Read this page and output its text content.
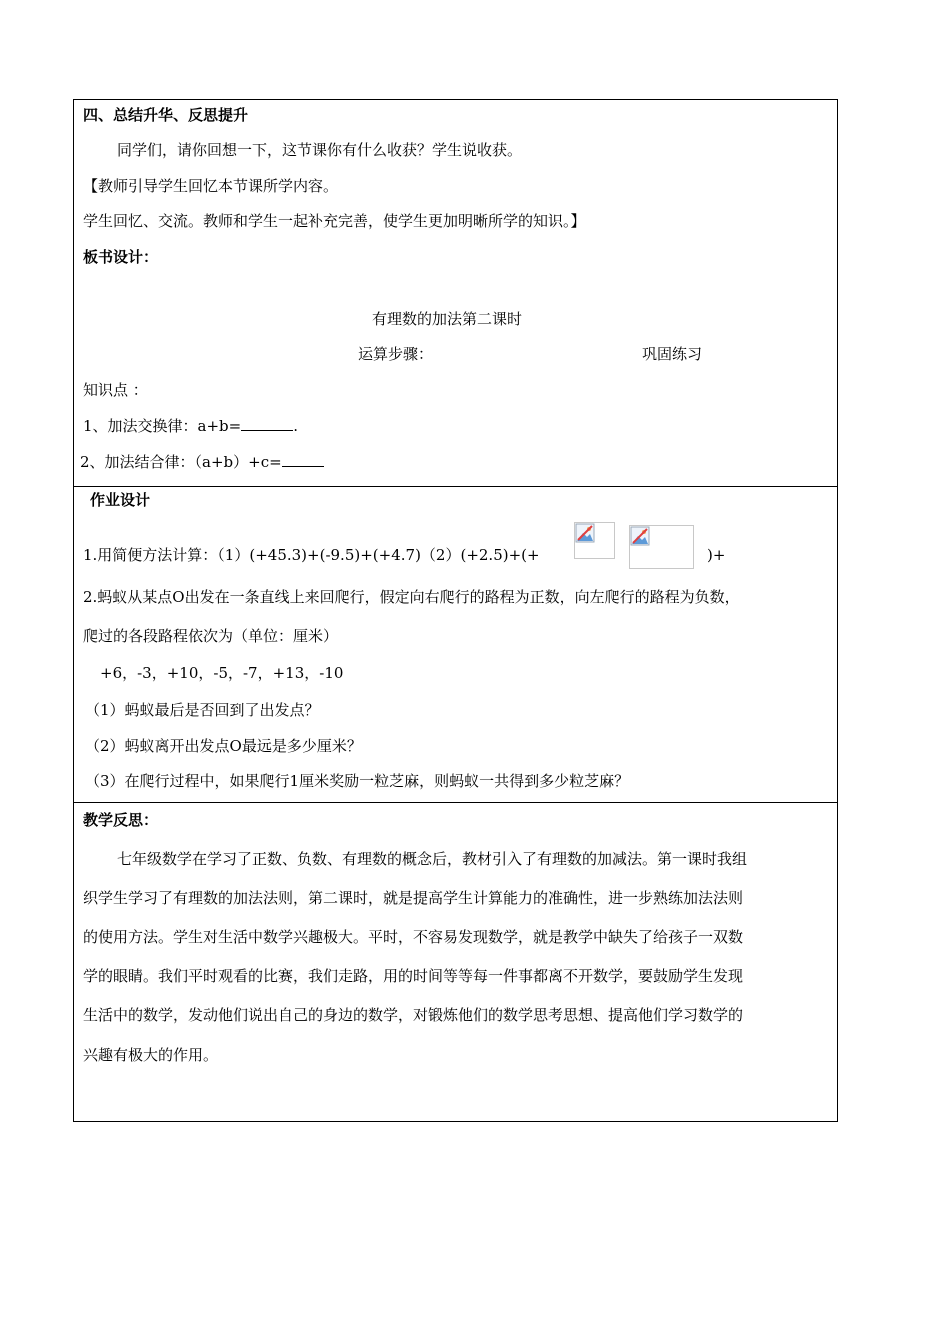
四、总结升华、反思提升
同学们，请你回想一下，这节课你有什么收获？学生说收获。
【教师引导学生回忆本节课所学内容。
学生回忆、交流。教师和学生一起补充完善，使学生更加明晰所学的知识。】
板书设计：
有理数的加法第二课时
运算步骤：	巩固练习
知识点 ：
1、加法交换律：a+b=	.
2、加法结合律：（a+b）+c=
作业设计
1.用简便方法计算：（1）(+45.3)+(-9.5)+(+4.7)（2）(+2.5)+(+	)+
2.蚂蚁从某点O出发在一条直线上来回爬行，假定向右爬行的路程为正数，向左爬行的路程为负数，
爬过的各段路程依次为（单位：厘米）
+6，-3，+10，-5，-7，+13，-10
（1）蚂蚁最后是否回到了出发点？
（2）蚂蚁离开出发点O最远是多少厘米？
（3）在爬行过程中，如果爬行1厘米奖励一粒芝麻，则蚂蚁一共得到多少粒芝麻？
教学反思：
七年级数学在学习了正数、负数、有理数的概念后，教材引入了有理数的加减法。第一课时我组
织学生学习了有理数的加法法则，第二课时，就是提高学生计算能力的准确性，进一步熟练加法法则
的使用方法。学生对生活中数学兴趣极大。平时，不容易发现数学，就是教学中缺失了给孩子一双数
学的眼睛。我们平时观看的比赛，我们走路，用的时间等等每一件事都离不开数学，要鼓励学生发现
生活中的数学，发动他们说出自己的身边的数学，对锻炼他们的数学思考思想、提高他们学习数学的
兴趣有极大的作用。
